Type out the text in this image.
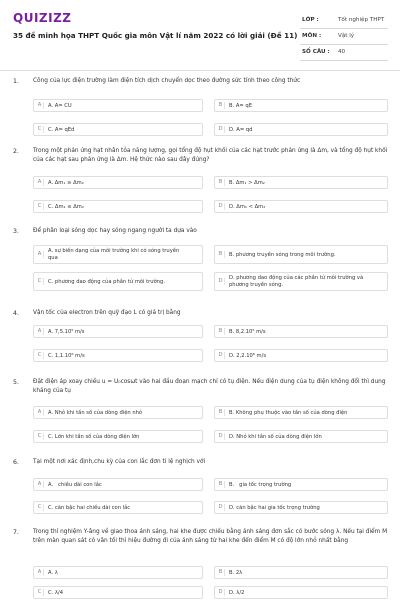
QUIZIZZ
35 đề minh họa THPT Quốc gia môn Vật lí năm 2022 có lời giải (Đề 11)
LỚP :	Tốt nghiệp THPT
MÔN :	Vật lý
SỐ CÂU : 40
1. Công của lực điện trường làm điện tích dịch chuyển dọc theo đường sức tính theo công thức
A	A. A= CU	B	B. A= qE
C	C. A= qEd	D	D. A= qd
2. Trong một phản ứng hạt nhân tỏa năng lượng, gọi tổng độ hụt khối của các hạt trước phản ứng là Δm, và tổng độ hụt khối của các hạt sau phản ứng là Δm. Hệ thức nào sau đây đúng?
A	A. Δm₁ ≥ Δm₂	B	B. Δm₁ > Δm₂
C	C. Δm₁ ≤ Δm₂	D	D. Δm₁ < Δm₂
3. Để phân loại sóng dọc hay sóng ngang người ta dựa vào
A	A. sự biến dạng của môi trường khi có sóng truyền qua
B	B. phương truyền sóng trong môi trường.
C	C. phương dao động của phần tử môi trường.	D	D. phương dao động của các phần tử môi trường và phương truyền sóng.
4. Vận tốc của electron trên quỹ đạo L có giá trị bằng
A	A. 7,5.10⁵ m/s	B	B. 8,2.10⁵ m/s
C	C. 1,1.10⁶ m/s	D	D. 2,2.10⁶ m/s
5. Đặt điện áp xoay chiều u = U₀cosωt vào hai đầu đoạn mạch chỉ có tụ điện. Nếu điện dung của tụ điện không đổi thì dung kháng của tụ
A	A. Nhỏ khi tần số của dòng điện nhỏ	B	B. Không phụ thuộc vào tần số của dòng điện
C	C. Lớn khi tần số của dòng điện lớn	D	D. Nhỏ khi tần số của dòng điện lớn
6. Tại một nơi xác định,chu kỳ của con lắc đơn tỉ lệ nghịch với
A	A.   chiều dài con lắc	B	B.   gia tốc trọng trường
C	C. căn bậc hai chiều dài con lắc	D	D. căn bậc hai gia tốc trọng trường
7. Trong thí nghiệm Y-âng về giao thoa ánh sáng, hai khe được chiếu bằng ánh sáng đơn sắc có bước sóng λ. Nếu tại điểm M trên màn quan sát có vân tối thì hiệu đường đi của ánh sáng từ hai khe đến điểm M có độ lớn nhỏ nhất bằng
A	A. λ	B	B. 2λ
C	C. λ/4	D	D. λ/2
